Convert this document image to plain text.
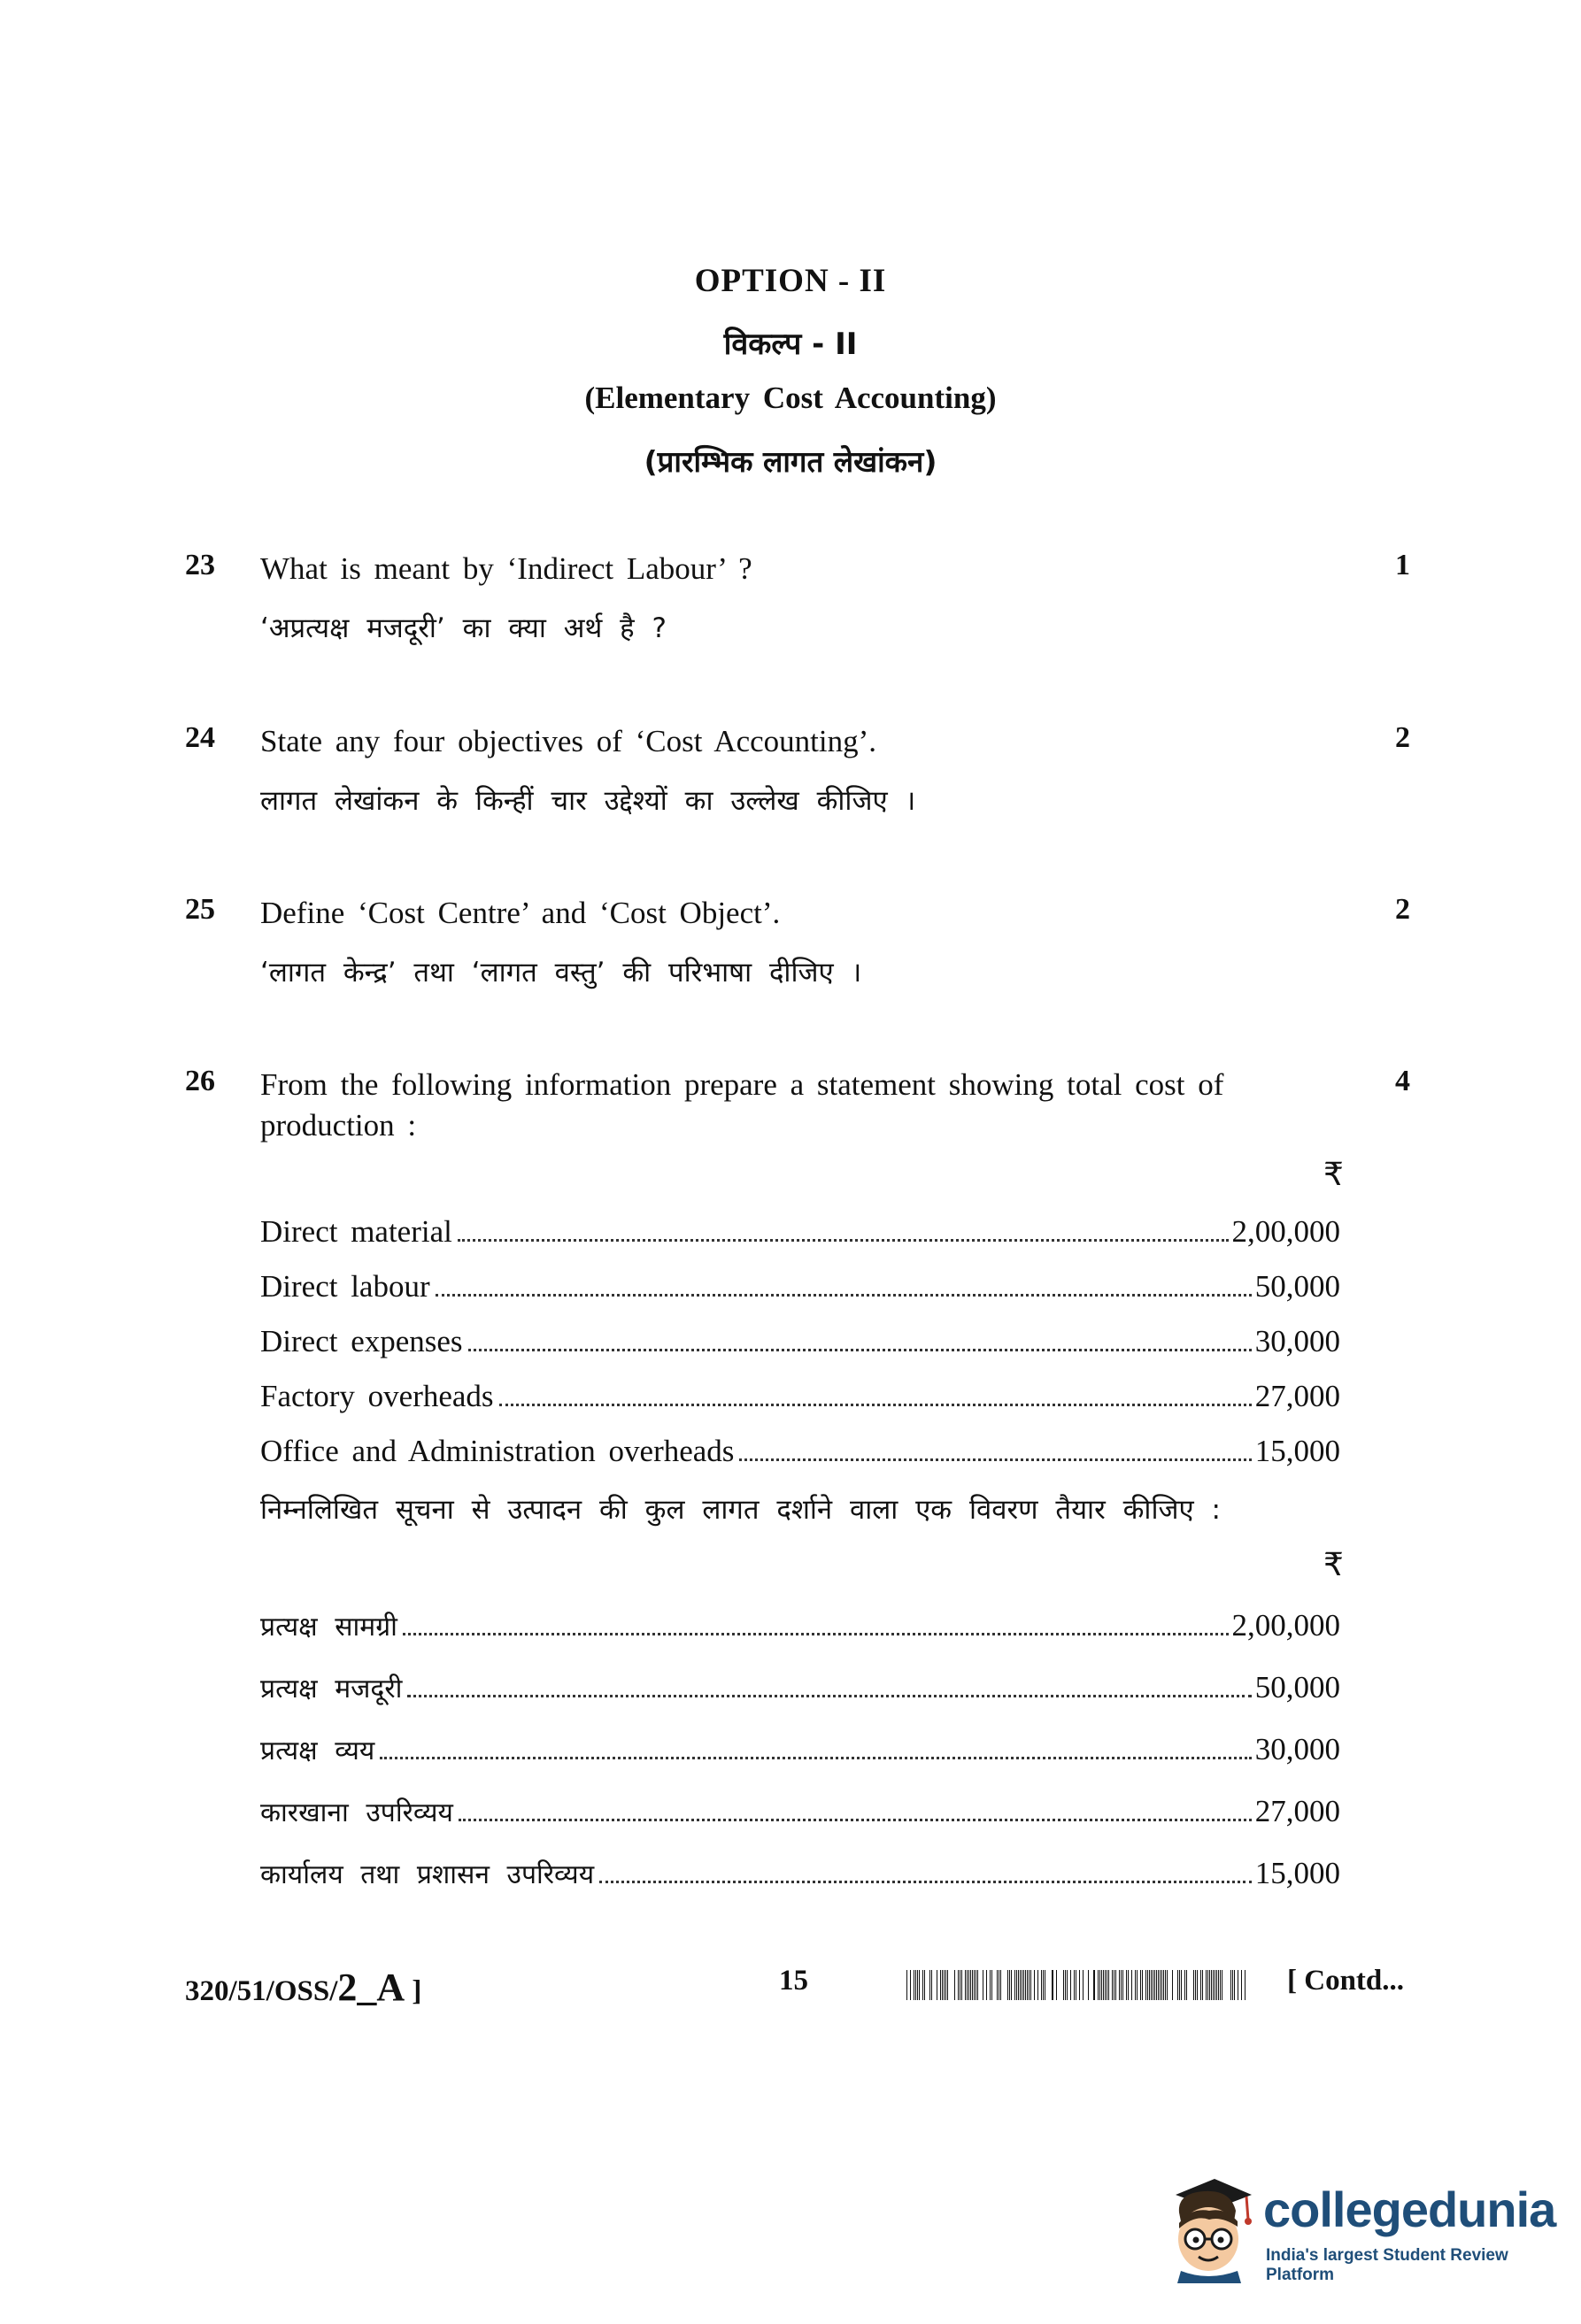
OPTION - II
विकल्प - II
(Elementary Cost Accounting)
(प्रारम्भिक लागत लेखांकन)
23 What is meant by ‘Indirect Labour’ ?	1
‘अप्रत्यक्ष मजदूरी’ का क्या अर्थ है ?
24 State any four objectives of ‘Cost Accounting’.	2
लागत लेखांकन के किन्हीं चार उद्देश्यों का उल्लेख कीजिए ।
25 Define ‘Cost Centre’ and ‘Cost Object’.	2
‘लागत केन्द्र’ तथा ‘लागत वस्तु’ की परिभाषा दीजिए ।
26 From the following information prepare a statement showing total cost of production :
4
₹
Direct material	2,00,000
Direct labour	50,000
Direct expenses	30,000
Factory overheads	27,000
Office and Administration overheads	15,000
निम्नलिखित सूचना से उत्पादन की कुल लागत दर्शाने वाला एक विवरण तैयार कीजिए :
₹
प्रत्यक्ष सामग्री	2,00,000
प्रत्यक्ष मजदूरी	50,000
प्रत्यक्ष व्यय	30,000
कारखाना उपरिव्यय	27,000
कार्यालय तथा प्रशासन उपरिव्यय	15,000
320/51/OSS/2_A ]	15	[ Contd...
collegedunia
India's largest Student Review Platform
